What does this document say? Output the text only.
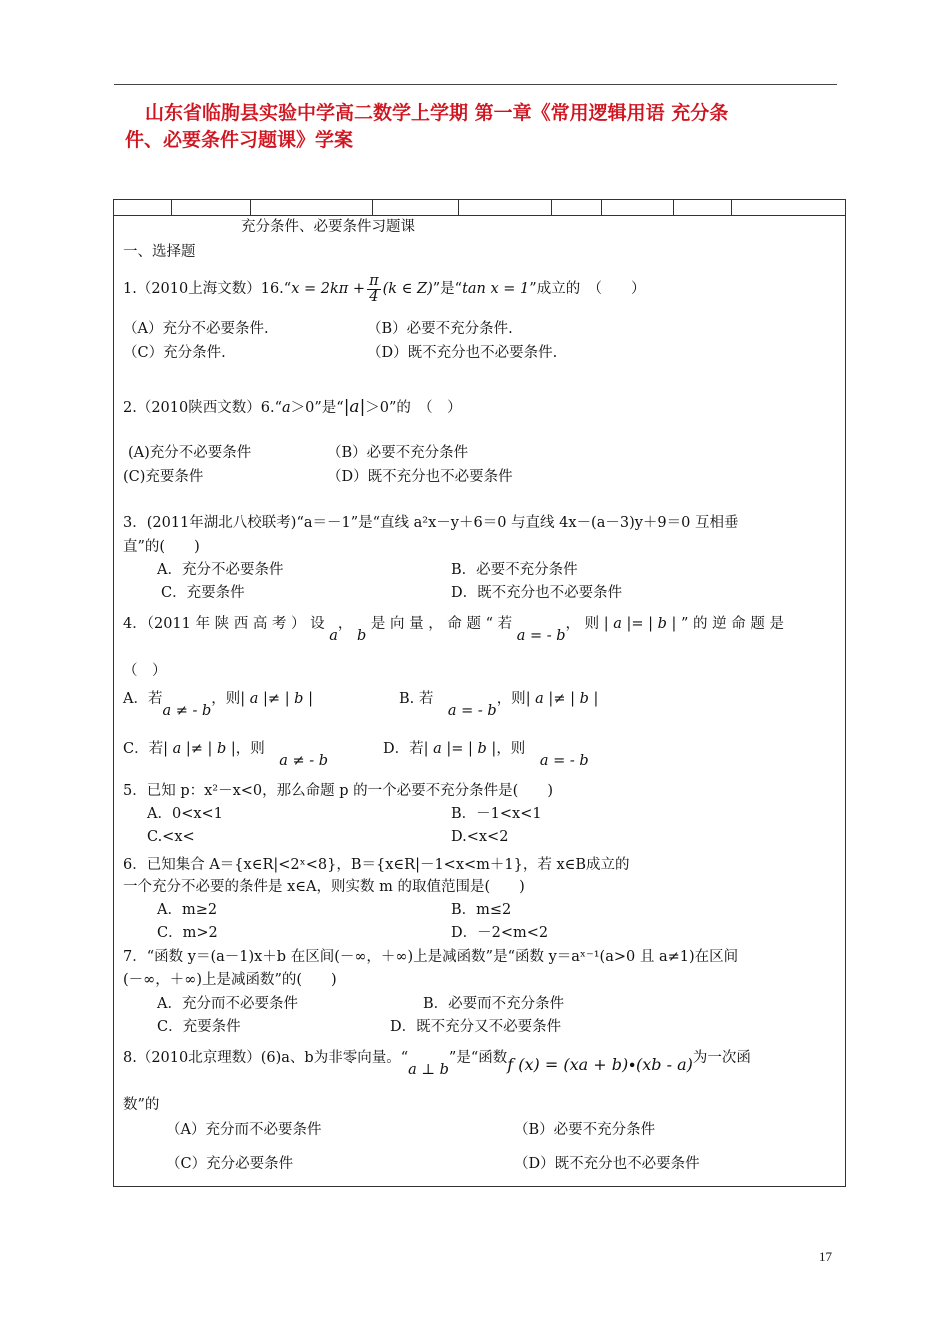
山东省临朐县实验中学高二数学上学期 第一章《常用逻辑用语 充分条
件、必要条件习题课》学案
充分条件、必要条件习题课
一、选择题
1.（2010上海文数）16.“x = $2k\pi + \frac{\pi}{4} (k$ ∈ Z)”是“tan x = 1”成立的　（　　）
（A）充分不必要条件.	（B）必要不充分条件.
（C）充分条件.	（D）既不充分也不必要条件.
2.（2010陕西文数）6.“a＞0”是“|a|＞0”的　（　）
(A)充分不必要条件	（B）必要不充分条件
(C)充要条件	（D）既不充分也不必要条件
3．(2011年湖北八校联考)“a＝－1”是“直线 a²x－y＋6＝0 与直线 4x－(a－3)y＋9＝0 互相垂
直”的(　　)
A．充分不必要条件	B．必要不充分条件
C．充要条件	D．既不充分也不必要条件
4．（2011 年 陕 西 高 考 ） 设 a， b 是 向 量 ， 命 题 “ 若 a = - b， 则 | a |= | b | ” 的 逆 命 题 是
（　）
A．若a ≠ - b，则| a |≠ | b |	B. 若　a = - b，则| a |≠ | b |
C．若| a |≠ | b |，则　a ≠ - b
D．若| a |= | b |，则　a = - b
5．已知 p：x²－x<0，那么命题 p 的一个必要不充分条件是(　　)
A．0<x<1	B．－1<x<1
C.<x<	D.<x<2
6．已知集合 A＝{x∈R|<2ˣ<8}，B＝{x∈R|－1<x<m＋1}，若 x∈B成立的
一个充分不必要的条件是 x∈A，则实数 m 的取值范围是(　　)
A．m≥2	B．m≤2
C．m>2	D．－2<m<2
7．“函数 y＝(a－1)x＋b 在区间(－∞，＋∞)上是减函数”是“函数 y＝aˣ⁻¹(a>0 且 a≠1)在区间
(－∞，＋∞)上是减函数”的(　　)
A．充分而不必要条件	B．必要而不充分条件
C．充要条件	D．既不充分又不必要条件
8.（2010北京理数）(6)a、b为非零向量。“a ⊥ b”是“函数f (x) = (xa + b)∙(xb - a)为一次函
数”的
（A）充分而不必要条件	（B）必要不充分条件
（C）充分必要条件	（D）既不充分也不必要条件
17
